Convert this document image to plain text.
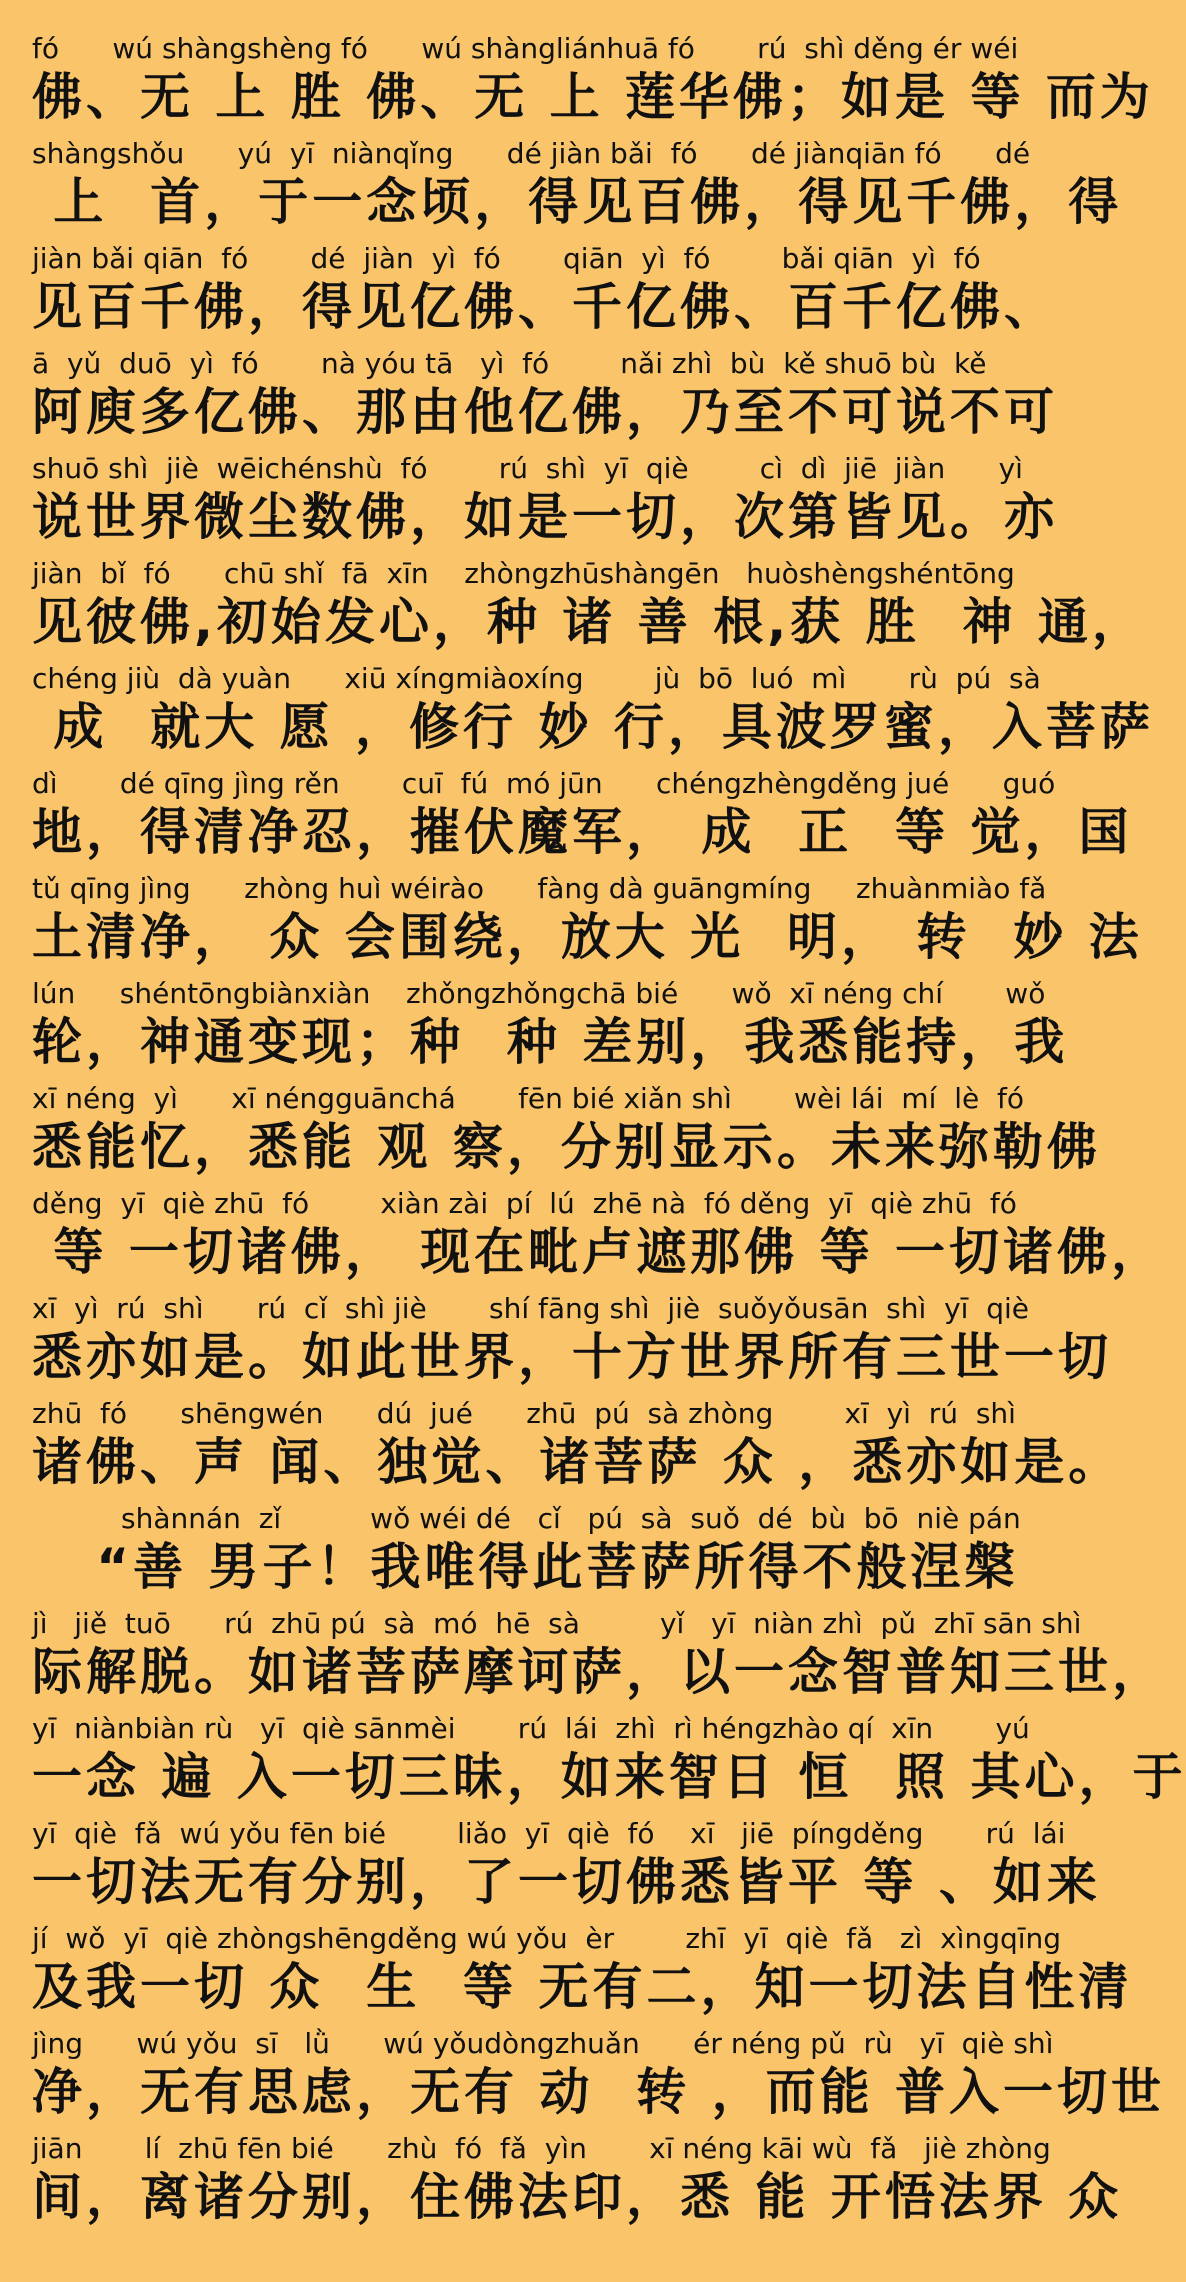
fó      wú shàngshèng fó      wú shàngliánhuā fó       rú  shì děng ér wéi
佛、无 上 胜 佛、无 上 莲华佛；如是 等 而为
shàngshǒu      yú  yī  niànqǐng      dé jiàn bǎi  fó      dé jiànqiān fó      dé
上  首，于一念顷，得见百佛，得见千佛，得
jiàn bǎi qiān  fó       dé  jiàn  yì  fó       qiān  yì  fó        bǎi qiān  yì  fó
见百千佛，得见亿佛、千亿佛、百千亿佛、
ā  yǔ  duō  yì  fó       nà yóu tā   yì  fó        nǎi zhì  bù  kě shuō bù  kě
阿庾多亿佛、那由他亿佛，乃至不可说不可
shuō shì  jiè  wēichénshù  fó        rú  shì  yī  qiè        cì  dì  jiē  jiàn      yì
说世界微尘数佛，如是一切，次第皆见。亦
jiàn  bǐ  fó      chū shǐ  fā  xīn    zhòngzhūshàngēn   huòshèngshéntōng
见彼佛,初始发心，种 诸 善 根,获 胜  神 通，
chéng jiù  dà yuàn      xiū xíngmiàoxíng        jù  bō  luó  mì       rù  pú  sà
成  就大 愿 ，修行 妙 行，具波罗蜜，入菩萨
dì       dé qīng jìng rěn       cuī  fú  mó jūn      chéngzhèngděng jué      guó
地，得清净忍，摧伏魔军， 成  正  等 觉，国
tǔ qīng jìng      zhòng huì wéirào      fàng dà guāngmíng     zhuànmiào fǎ
土清净， 众 会围绕，放大 光  明， 转  妙 法
lún     shéntōngbiànxiàn    zhǒngzhǒngchā bié      wǒ  xī néng chí       wǒ
轮，神通变现；种  种 差别，我悉能持，我
xī néng  yì      xī néngguānchá       fēn bié xiǎn shì       wèi lái  mí  lè  fó
悉能忆，悉能 观 察，分别显示。未来弥勒佛
děng  yī  qiè zhū  fó        xiàn zài  pí  lú  zhē nà  fó děng  yī  qiè zhū  fó
等 一切诸佛， 现在毗卢遮那佛 等 一切诸佛，
xī  yì  rú  shì      rú  cǐ  shì jiè       shí fāng shì  jiè  suǒyǒusān  shì  yī  qiè
悉亦如是。如此世界，十方世界所有三世一切
zhū  fó      shēngwén      dú  jué      zhū  pú  sà zhòng        xī  yì  rú  shì
诸佛、声 闻、独觉、诸菩萨 众 ，悉亦如是。
shànnán  zǐ          wǒ wéi dé   cǐ   pú  sà  suǒ  dé  bù  bō  niè pán
“善 男子！我唯得此菩萨所得不般涅槃
jì   jiě  tuō      rú  zhū pú  sà  mó  hē  sà         yǐ   yī  niàn zhì  pǔ  zhī sān shì
际解脱。如诸菩萨摩诃萨，以一念智普知三世，
yī  niànbiàn rù   yī  qiè sānmèi       rú  lái  zhì  rì héngzhào qí  xīn       yú
一念 遍 入一切三昧，如来智日 恒  照 其心，于
yī  qiè  fǎ  wú yǒu fēn bié        liǎo  yī  qiè  fó    xī   jiē  píngděng       rú  lái
一切法无有分别，了一切佛悉皆平 等 、如来
jí  wǒ  yī  qiè zhòngshēngděng wú yǒu  èr        zhī  yī  qiè  fǎ   zì  xìngqīng
及我一切 众  生  等 无有二，知一切法自性清
jìng      wú yǒu  sī   lǜ      wú yǒudòngzhuǎn      ér néng pǔ  rù   yī  qiè shì
净，无有思虑，无有 动  转 ，而能 普入一切世
jiān       lí  zhū fēn bié      zhù  fó  fǎ  yìn       xī néng kāi wù  fǎ   jiè zhòng
间，离诸分别，住佛法印，悉 能 开悟法界 众
